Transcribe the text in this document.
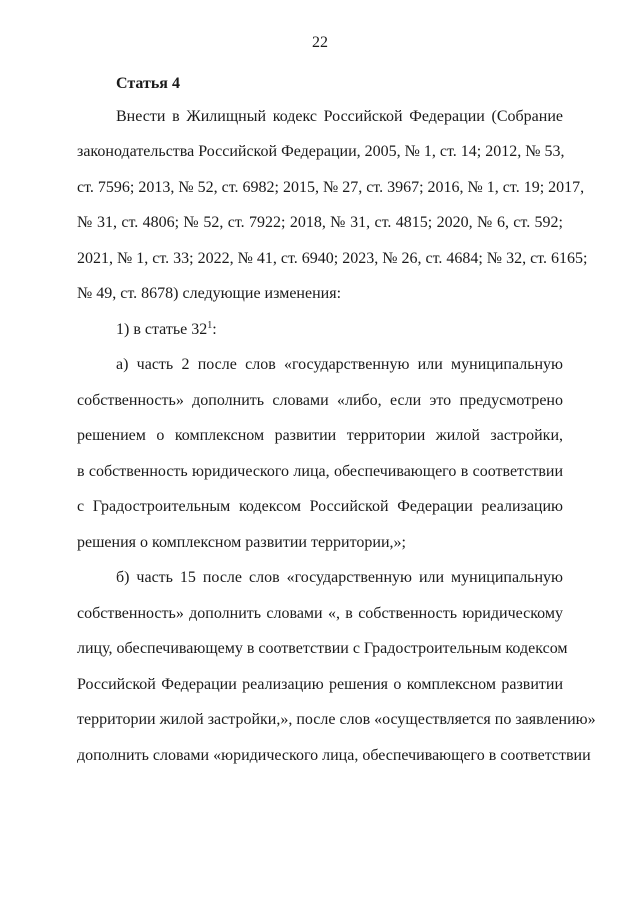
22
Статья 4
Внести в Жилищный кодекс Российской Федерации (Собрание
законодательства Российской Федерации, 2005, № 1, ст. 14; 2012, № 53,
ст. 7596; 2013, № 52, ст. 6982; 2015, № 27, ст. 3967; 2016, № 1, ст. 19; 2017,
№ 31, ст. 4806; № 52, ст. 7922; 2018, № 31, ст. 4815; 2020, № 6, ст. 592;
2021, № 1, ст. 33; 2022, № 41, ст. 6940; 2023, № 26, ст. 4684; № 32, ст. 6165;
№ 49, ст. 8678) следующие изменения:
1) в статье $32^1$:
а) часть 2 после слов «государственную или муниципальную
собственность» дополнить словами «либо, если это предусмотрено
решением о комплексном развитии территории жилой застройки,
в собственность юридического лица, обеспечивающего в соответствии
с Градостроительным кодексом Российской Федерации реализацию
решения о комплексном развитии территории,»;
б) часть 15 после слов «государственную или муниципальную
собственность» дополнить словами «, в собственность юридическому
лицу, обеспечивающему в соответствии с Градостроительным кодексом
Российской Федерации реализацию решения о комплексном развитии
территории жилой застройки,», после слов «осуществляется по заявлению»
дополнить словами «юридического лица, обеспечивающего в соответствии
